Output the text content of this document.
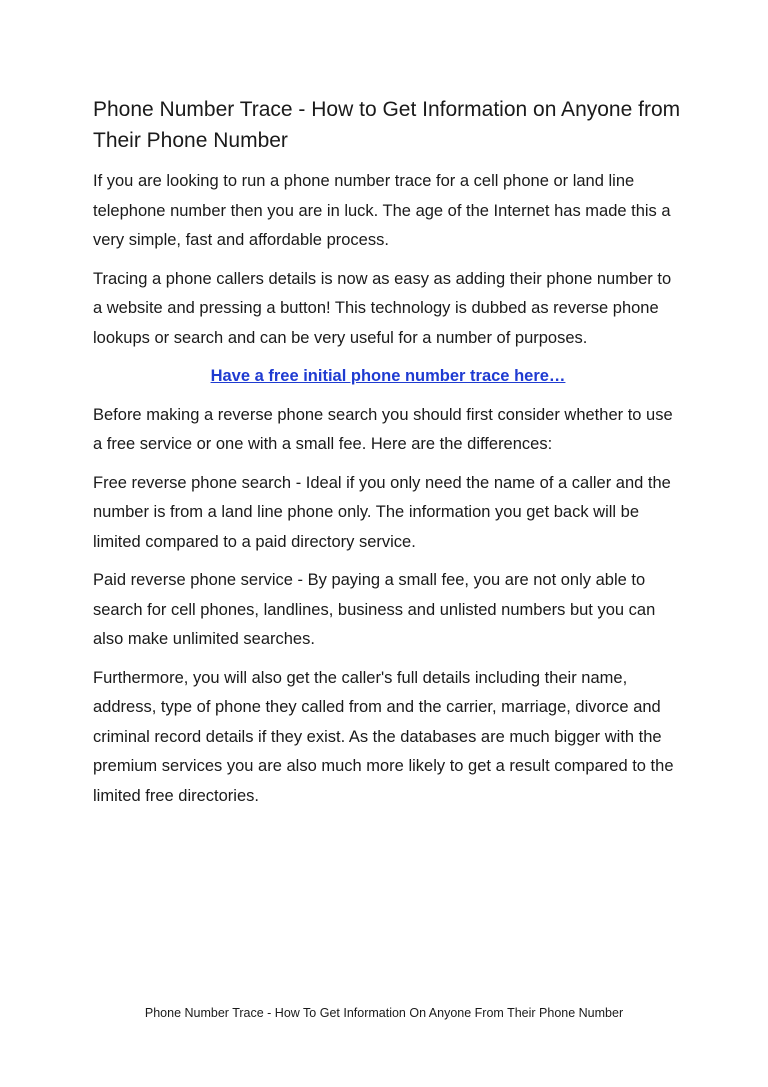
Phone Number Trace - How to Get Information on Anyone from Their Phone Number

If you are looking to run a phone number trace for a cell phone or land line telephone number then you are in luck. The age of the Internet has made this a very simple, fast and affordable process.

Tracing a phone callers details is now as easy as adding their phone number to a website and pressing a button! This technology is dubbed as reverse phone lookups or search and can be very useful for a number of purposes.

Have a free initial phone number trace here…

Before making a reverse phone search you should first consider whether to use a free service or one with a small fee. Here are the differences:

Free reverse phone search - Ideal if you only need the name of a caller and the number is from a land line phone only. The information you get back will be limited compared to a paid directory service.

Paid reverse phone service - By paying a small fee, you are not only able to search for cell phones, landlines, business and unlisted numbers but you can also make unlimited searches.

Furthermore, you will also get the caller's full details including their name, address, type of phone they called from and the carrier, marriage, divorce and criminal record details if they exist. As the databases are much bigger with the premium services you are also much more likely to get a result compared to the limited free directories.

Phone Number Trace - How To Get Information On Anyone From Their Phone Number
